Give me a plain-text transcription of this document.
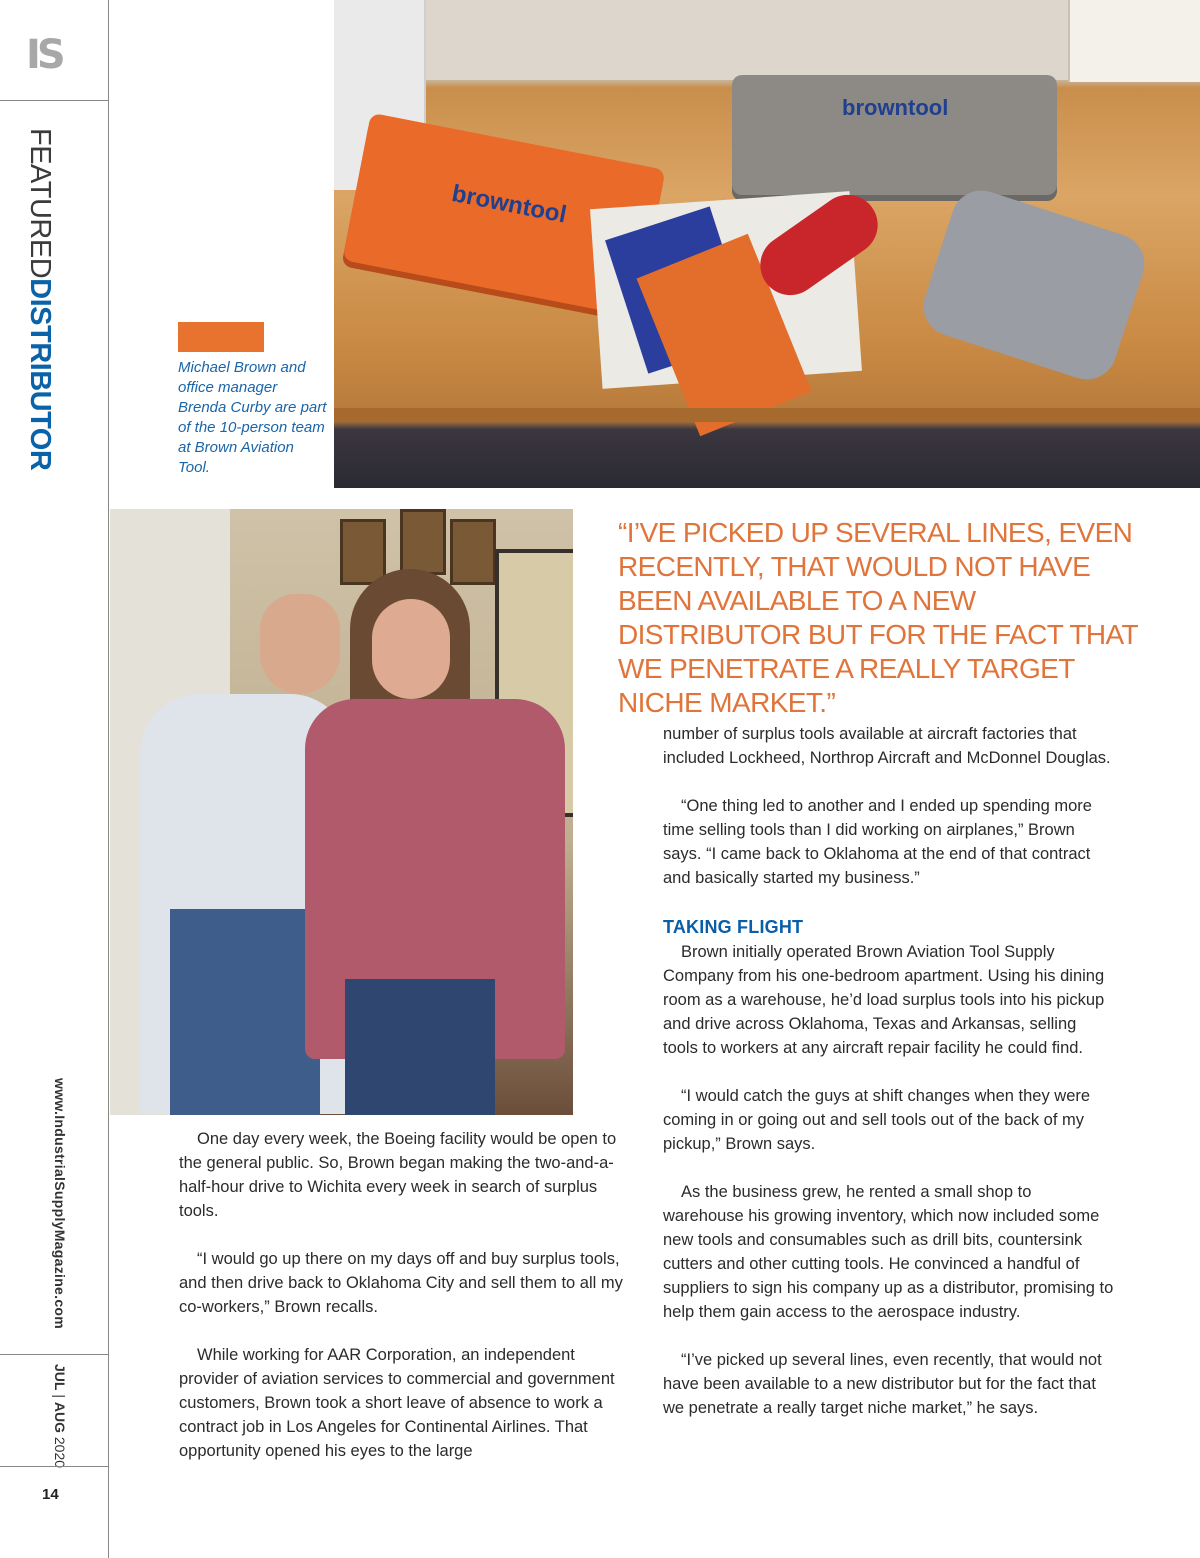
IS
FEATUREDDISTRIBUTOR
www.IndustrialSupplyMagazine.com
JUL | AUG 2020
14
browntool
browntool
Michael Brown and office manager Brenda Curby are part of the 10-person team at Brown Aviation Tool.
“I’VE PICKED UP SEVERAL LINES, EVEN RECENTLY, THAT WOULD NOT HAVE BEEN AVAILABLE TO A NEW DISTRIBUTOR BUT FOR THE FACT THAT WE PENETRATE A REALLY TARGET NICHE MARKET.”

One day every week, the Boeing facility would be open to the general public. So, Brown began making the two-and-a-half-hour drive to Wichita every week in search of surplus tools.

“I would go up there on my days off and buy surplus tools, and then drive back to Oklahoma City and sell them to all my co-workers,” Brown recalls.

While working for AAR Corporation, an independent provider of aviation services to commercial and government customers, Brown took a short leave of absence to work a contract job in Los Angeles for Continental Airlines. That opportunity opened his eyes to the large

number of surplus tools available at aircraft factories that included Lockheed, Northrop Aircraft and McDonnel Douglas.

“One thing led to another and I ended up spending more time selling tools than I did working on airplanes,” Brown says. “I came back to Oklahoma at the end of that contract and basically started my business.”

TAKING FLIGHT

Brown initially operated Brown Aviation Tool Supply Company from his one-bedroom apartment. Using his dining room as a warehouse, he’d load surplus tools into his pickup and drive across Oklahoma, Texas and Arkansas, selling tools to workers at any aircraft repair facility he could find.

“I would catch the guys at shift changes when they were coming in or going out and sell tools out of the back of my pickup,” Brown says.

As the business grew, he rented a small shop to warehouse his growing inventory, which now included some new tools and consumables such as drill bits, countersink cutters and other cutting tools. He convinced a handful of suppliers to sign his company up as a distributor, promising to help them gain access to the aerospace industry.

“I’ve picked up several lines, even recently, that would not have been available to a new distributor but for the fact that we penetrate a really target niche market,” he says.
